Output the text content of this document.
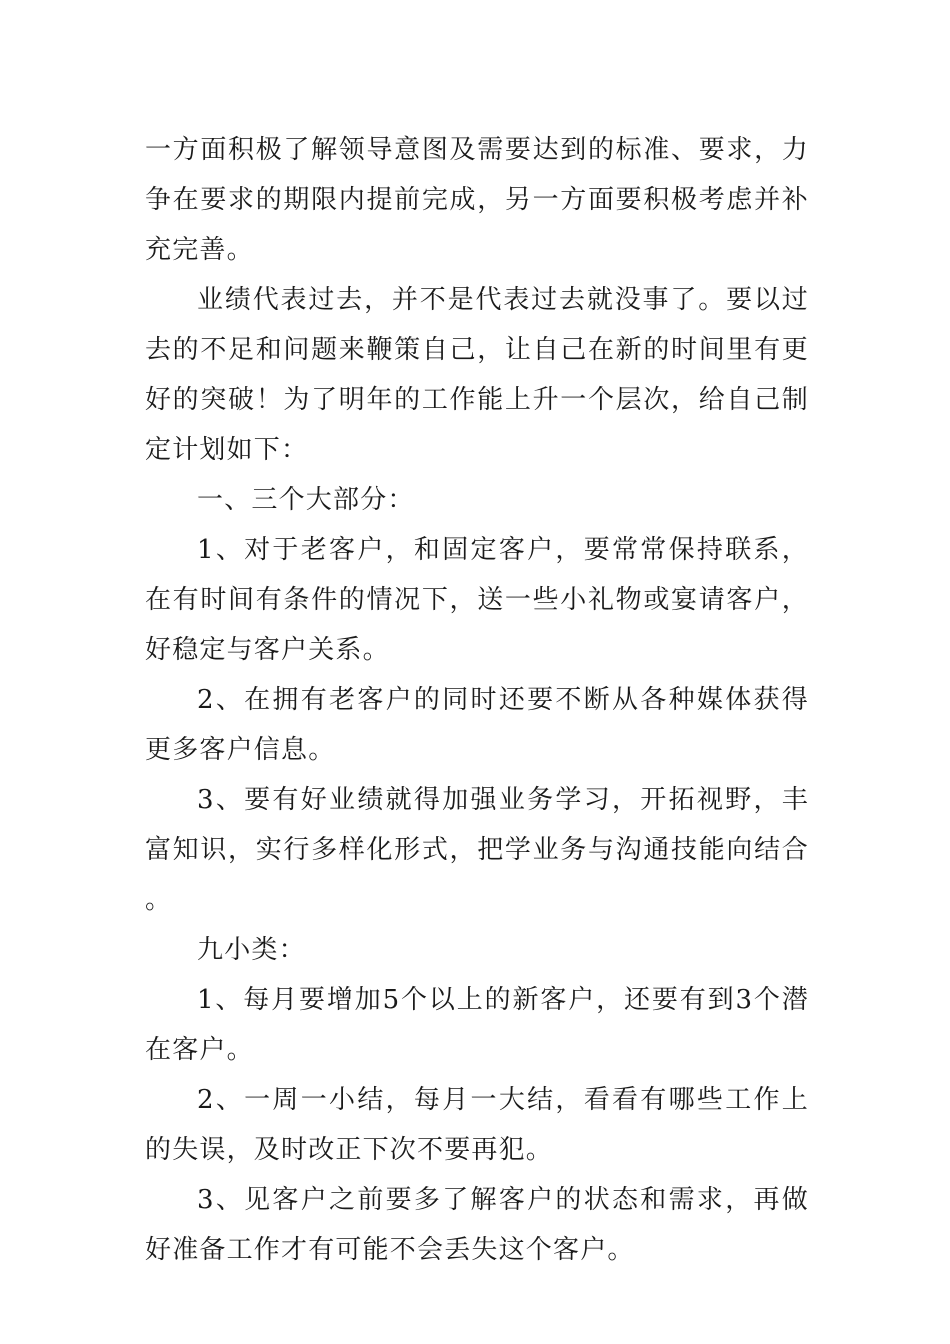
一方面积极了解领导意图及需要达到的标准、要求，力争在要求的期限内提前完成，另一方面要积极考虑并补充完善。

业绩代表过去，并不是代表过去就没事了。要以过去的不足和问题来鞭策自己，让自己在新的时间里有更好的突破！为了明年的工作能上升一个层次，给自己制定计划如下：

一、三个大部分：

1、对于老客户，和固定客户，要常常保持联系，在有时间有条件的情况下，送一些小礼物或宴请客户，好稳定与客户关系。

2、在拥有老客户的同时还要不断从各种媒体获得更多客户信息。

3、要有好业绩就得加强业务学习，开拓视野，丰富知识，实行多样化形式，把学业务与沟通技能向结合。

九小类：

1、每月要增加5个以上的新客户，还要有到3个潜在客户。

2、一周一小结，每月一大结，看看有哪些工作上的失误，及时改正下次不要再犯。

3、见客户之前要多了解客户的状态和需求，再做好准备工作才有可能不会丢失这个客户。
